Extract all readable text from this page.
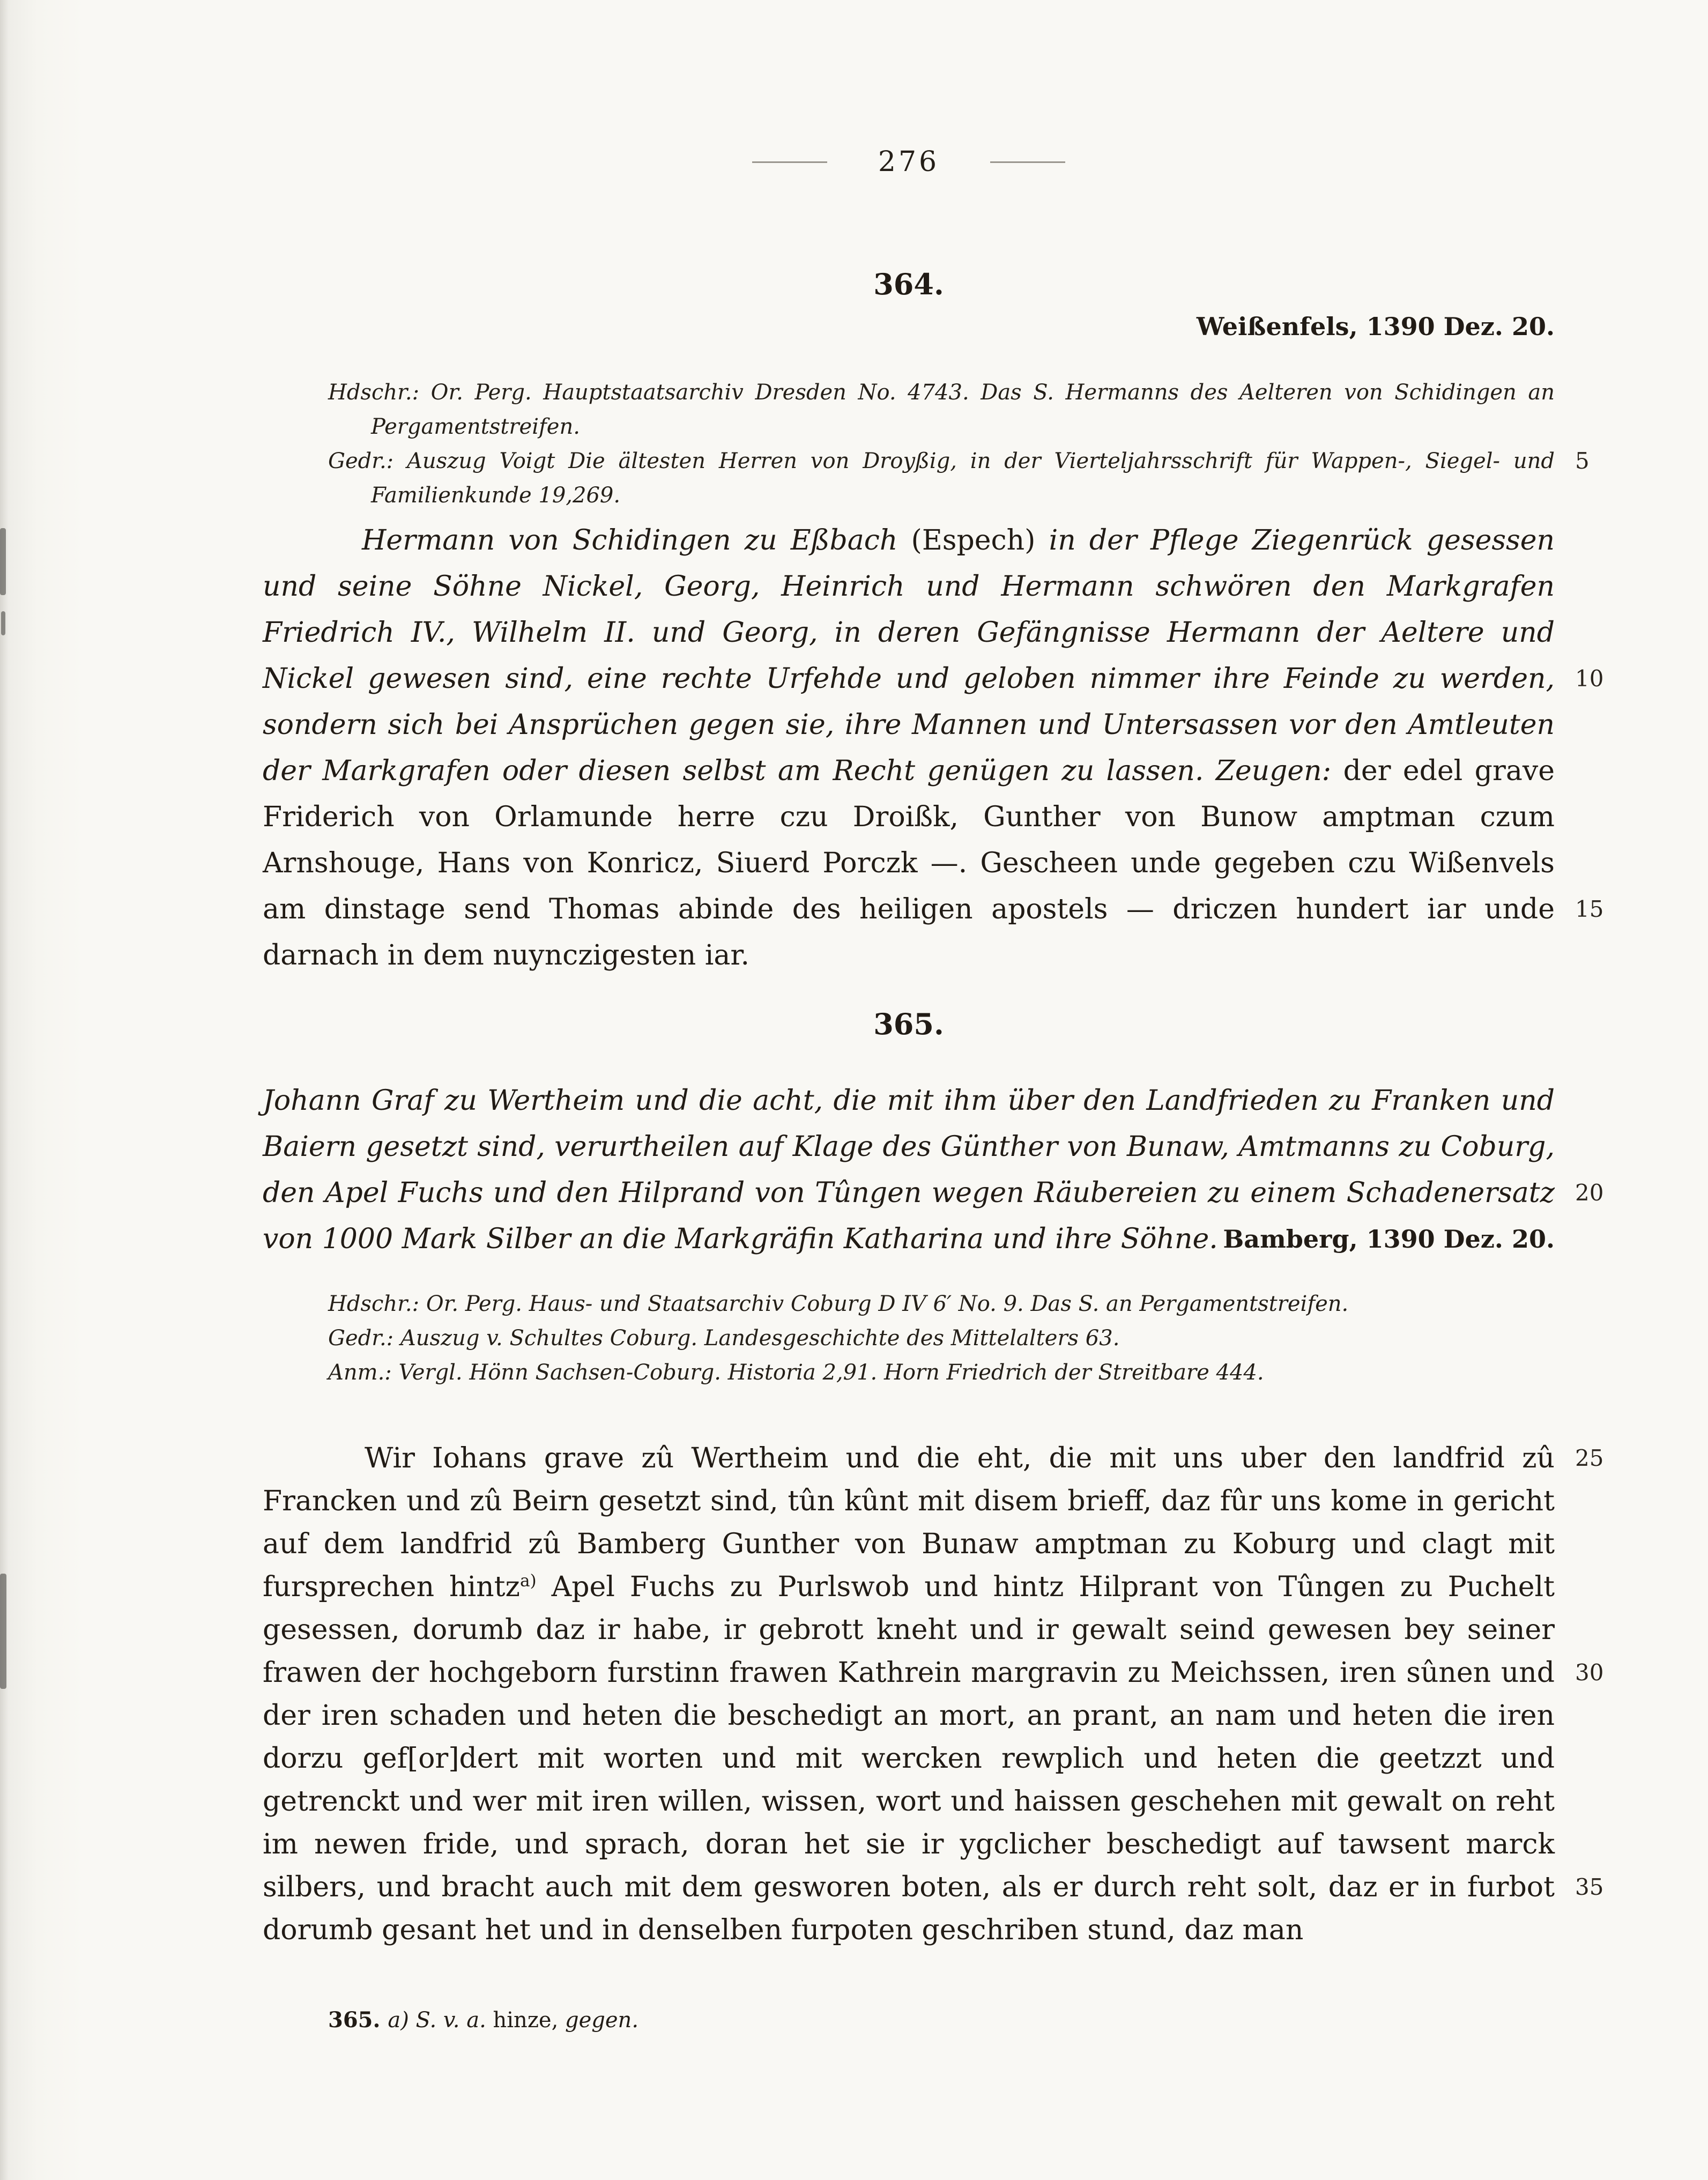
276
364.
Weißenfels, 1390 Dez. 20.

Hdschr.: Or. Perg. Hauptstaatsarchiv Dresden No. 4743. Das S. Hermanns des Aelteren von Schidingen an Pergamentstreifen.

Gedr.: Auszug Voigt Die ältesten Herren von Droyßig, in der Vierteljahrsschrift für Wappen-, Siegel- und Familienkunde 19,269.

Hermann von Schidingen zu Eßbach (Espech) in der Pflege Ziegenrück gesessen und seine Söhne Nickel, Georg, Heinrich und Hermann schwören den Markgrafen Friedrich IV., Wilhelm II. und Georg, in deren Gefängnisse Hermann der Aeltere und Nickel gewesen sind, eine rechte Urfehde und geloben nimmer ihre Feinde zu werden, sondern sich bei Ansprüchen gegen sie, ihre Mannen und Untersassen vor den Amtleuten der Markgrafen oder diesen selbst am Recht genügen zu lassen. Zeugen: der edel grave Friderich von Orlamunde herre czu Droißk, Gunther von Bunow amptman czum Arnshouge, Hans von Konricz, Siuerd Porczk —. Gescheen unde gegeben czu Wißenvels am dinstage send Thomas abinde des heiligen apostels — driczen hundert iar unde darnach in dem nuynczigesten iar.

365.

Johann Graf zu Wertheim und die acht, die mit ihm über den Landfrieden zu Franken und Baiern gesetzt sind, verurtheilen auf Klage des Günther von Bunaw, Amtmanns zu Coburg, den Apel Fuchs und den Hilprand von Tûngen wegen Räubereien zu einem Schadenersatz von 1000 Mark Silber an die Markgräfin Katharina und ihre Söhne. Bamberg, 1390 Dez. 20.

Hdschr.: Or. Perg. Haus- und Staatsarchiv Coburg D IV 6′ No. 9. Das S. an Pergamentstreifen.

Gedr.: Auszug v. Schultes Coburg. Landesgeschichte des Mittelalters 63.

Anm.: Vergl. Hönn Sachsen-Coburg. Historia 2,91. Horn Friedrich der Streitbare 444.

Wir Iohans grave zû Wertheim und die eht, die mit uns uber den landfrid zû Francken und zû Beirn gesetzt sind, tûn kûnt mit disem brieff, daz fûr uns kome in gericht auf dem landfrid zû Bamberg Gunther von Bunaw amptman zu Koburg und clagt mit fursprechen hintz$^{a)}$ Apel Fuchs zu Purlswob und hintz Hilprant von Tûngen zu Puchelt gesessen, dorumb daz ir habe, ir gebrott kneht und ir gewalt seind gewesen bey seiner frawen der hochgeborn furstinn frawen Kathrein margravin zu Meichssen, iren sûnen und der iren schaden und heten die beschedigt an mort, an prant, an nam und heten die iren dorzu gef[or]dert mit worten und mit wercken rewplich und heten die geetzzt und getrenckt und wer mit iren willen, wissen, wort und haissen geschehen mit gewalt on reht im newen fride, und sprach, doran het sie ir ygclicher beschedigt auf tawsent marck silbers, und bracht auch mit dem gesworen boten, als er durch reht solt, daz er in furbot dorumb gesant het und in denselben furpoten geschriben stund, daz man

5
10
15
20
25
30
35

365. a) S. v. a. hinze, gegen.
